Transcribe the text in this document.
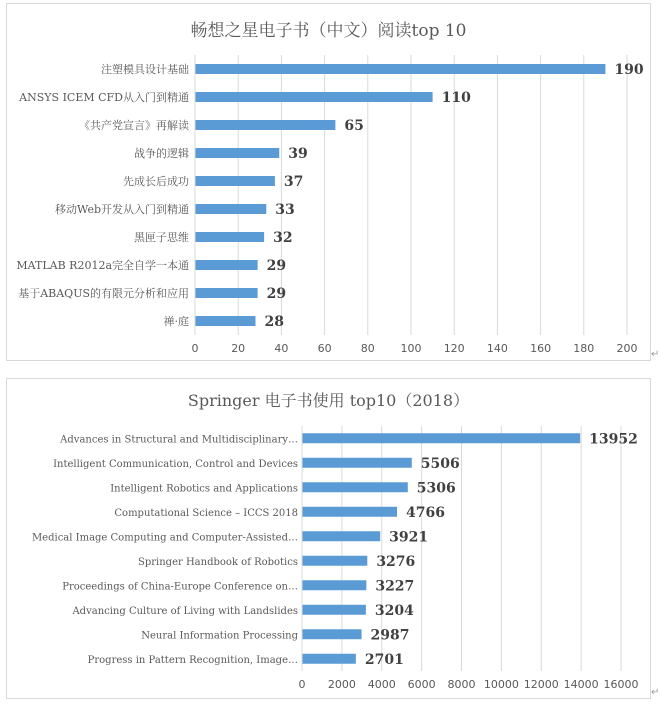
畅想之星电子书（中文）阅读top 10
0	20	40	60	80 100 120 140 160 180 200
注塑模具设计基础	190
ANSYS ICEM CFD从入门到精通	110
《共产党宣言》再解读	65
战争的逻辑	39
先成长后成功	37
移动Web开发从入门到精通	33
黑匣子思维	32
MATLAB R2012a完全自学一本通	29
基于ABAQUS的有限元分析和应用	29
禅·庭	28
↵
Springer 电子书使用 top10（2018）
0 2000 4000 6000 8000 10000 12000 14000 16000
Advances in Structural and Multidisciplinary…	13952
Intelligent Communication, Control and Devices	5506
Intelligent Robotics and Applications	5306
Computational Science – ICCS 2018	4766
Medical Image Computing and Computer-Assisted…	3921
Springer Handbook of Robotics	3276
Proceedings of China-Europe Conference on…	3227
Advancing Culture of Living with Landslides	3204
Neural Information Processing	2987
Progress in Pattern Recognition, Image…	2701
↵
